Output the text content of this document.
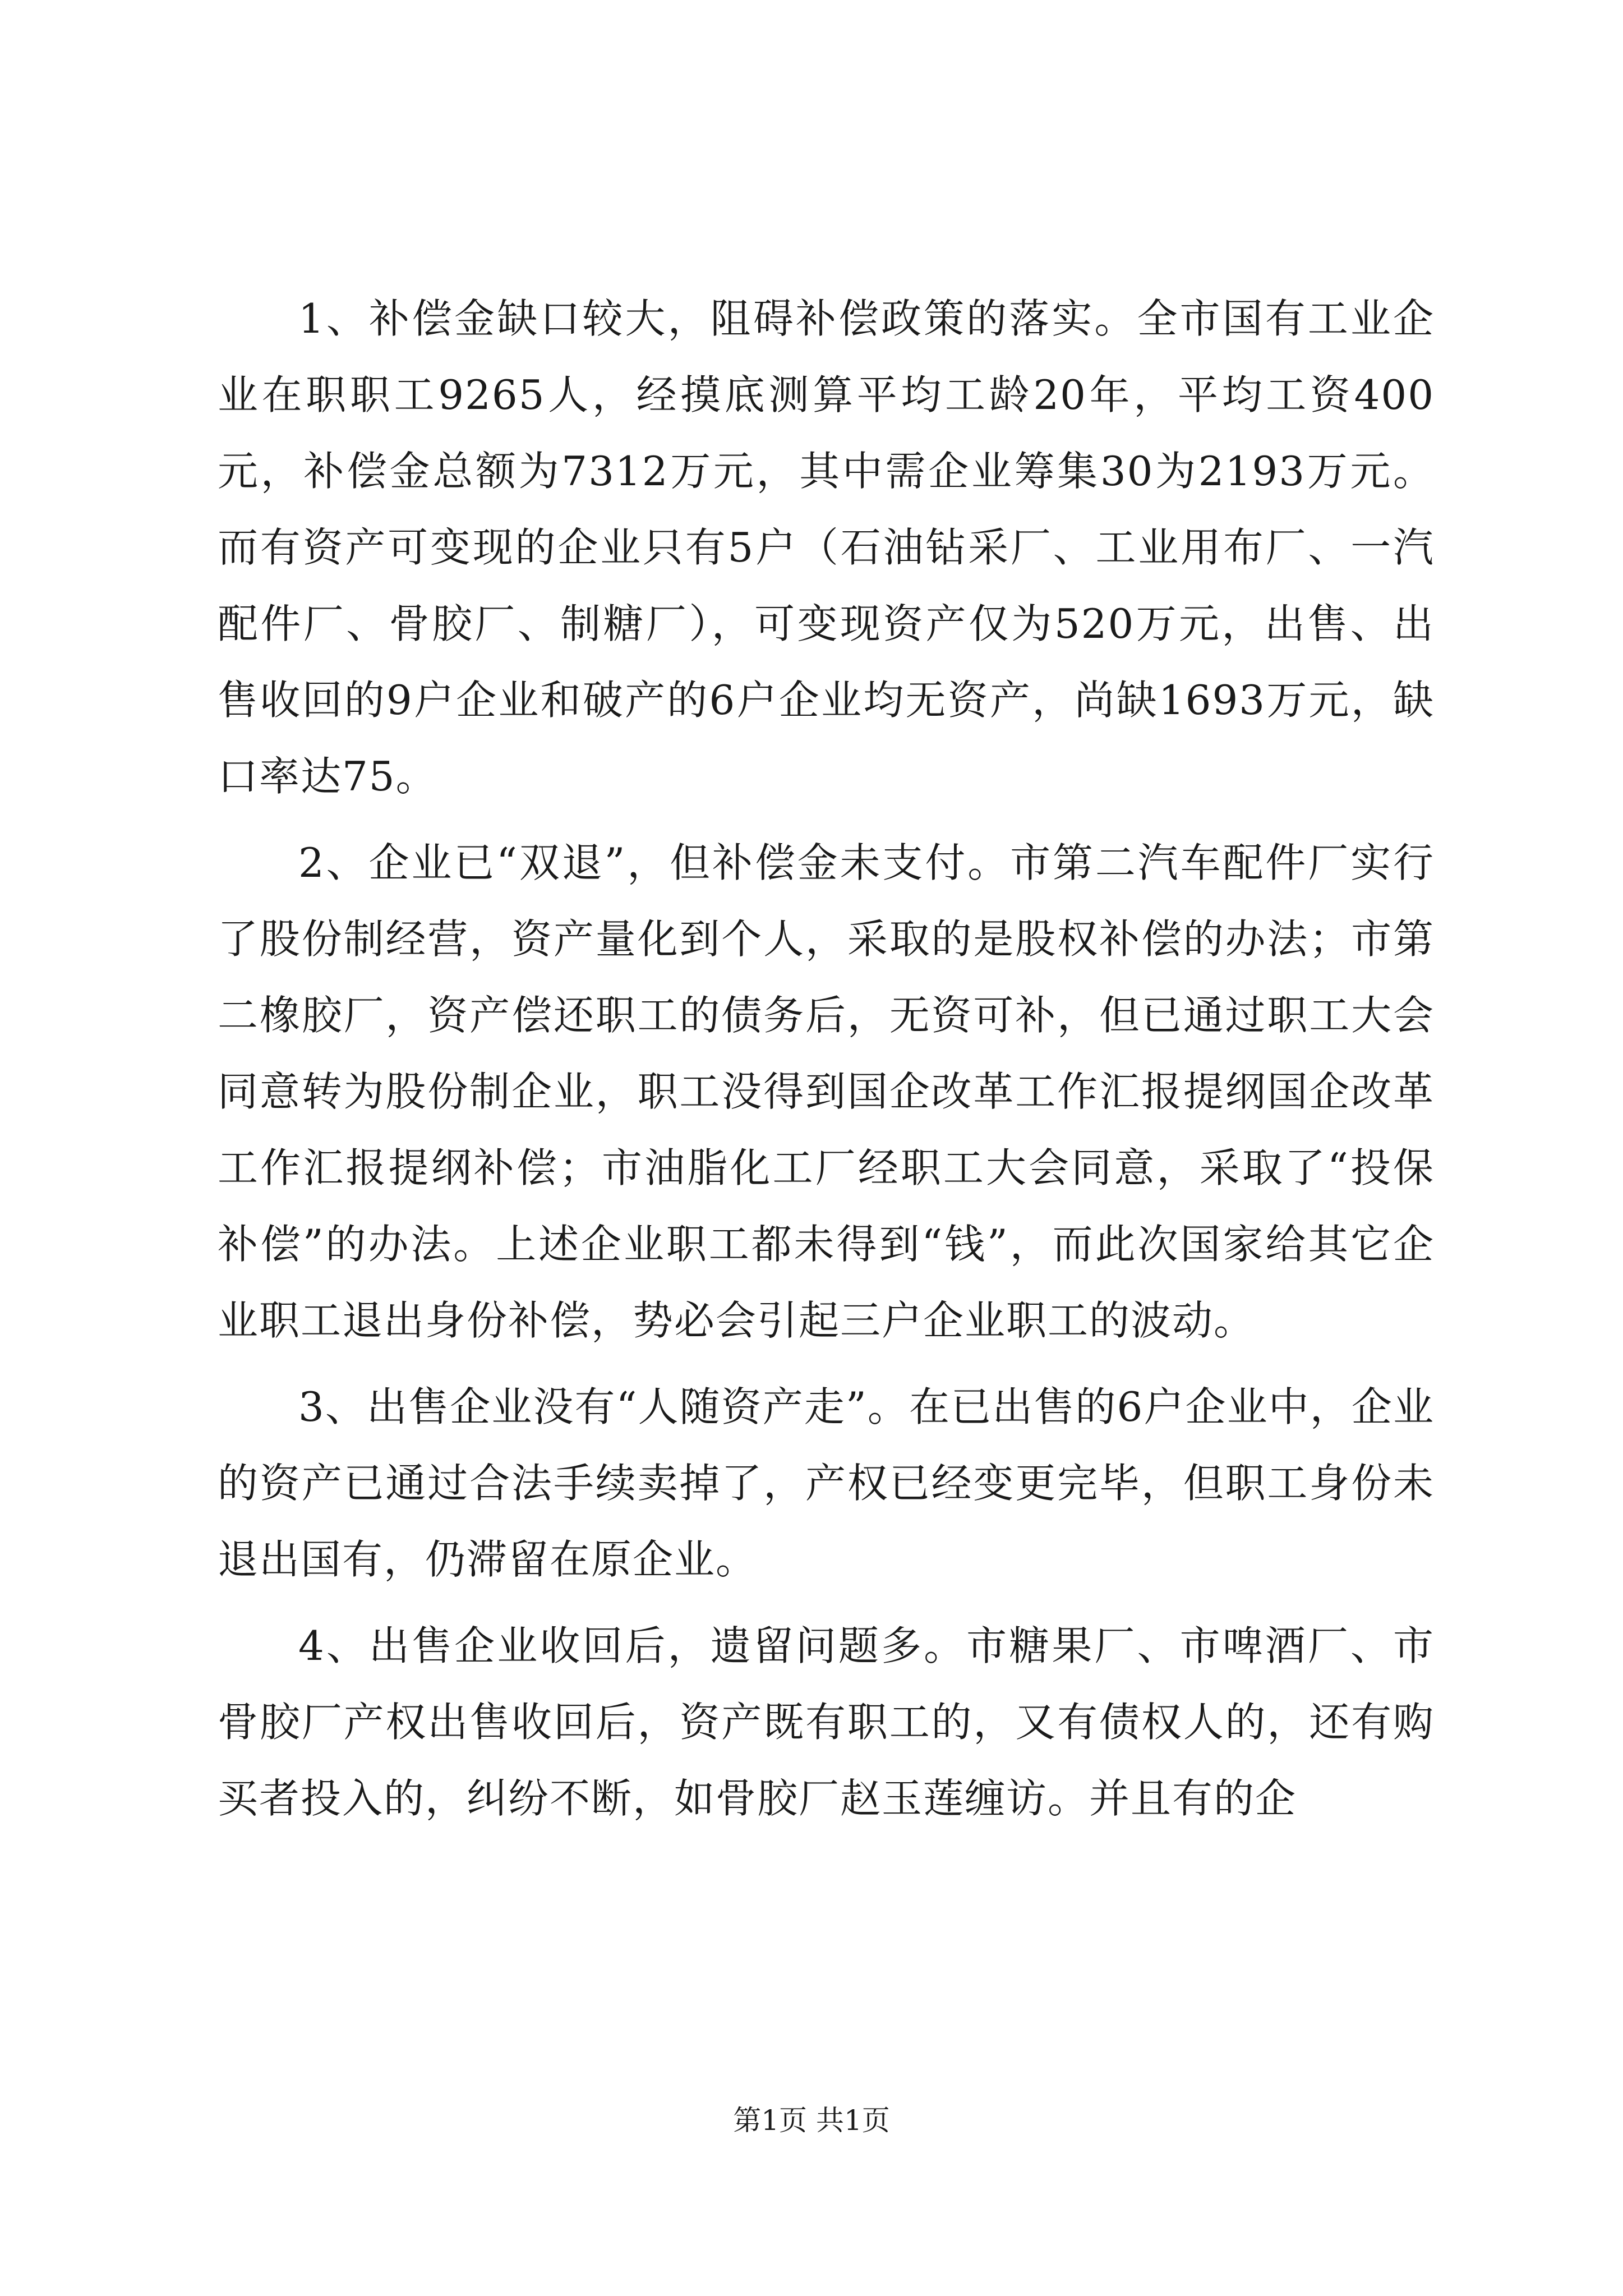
1、补偿金缺口较大，阻碍补偿政策的落实。全市国有工业企业在职职工9265人，经摸底测算平均工龄20年，平均工资400元，补偿金总额为7312万元，其中需企业筹集30为2193万元。而有资产可变现的企业只有5户（石油钻采厂、工业用布厂、一汽配件厂、骨胶厂、制糖厂），可变现资产仅为520万元，出售、出售收回的9户企业和破产的6户企业均无资产，尚缺1693万元，缺口率达75。

2、企业已“双退”，但补偿金未支付。市第二汽车配件厂实行了股份制经营，资产量化到个人，采取的是股权补偿的办法；市第二橡胶厂，资产偿还职工的债务后，无资可补，但已通过职工大会同意转为股份制企业，职工没得到国企改革工作汇报提纲国企改革工作汇报提纲补偿；市油脂化工厂经职工大会同意，采取了“投保补偿”的办法。上述企业职工都未得到“钱”，而此次国家给其它企业职工退出身份补偿，势必会引起三户企业职工的波动。

3、出售企业没有“人随资产走”。在已出售的6户企业中，企业的资产已通过合法手续卖掉了，产权已经变更完毕，但职工身份未退出国有，仍滞留在原企业。

4、出售企业收回后，遗留问题多。市糖果厂、市啤酒厂、市骨胶厂产权出售收回后，资产既有职工的，又有债权人的，还有购买者投入的，纠纷不断，如骨胶厂赵玉莲缠访。并且有的企

第1页 共1页
